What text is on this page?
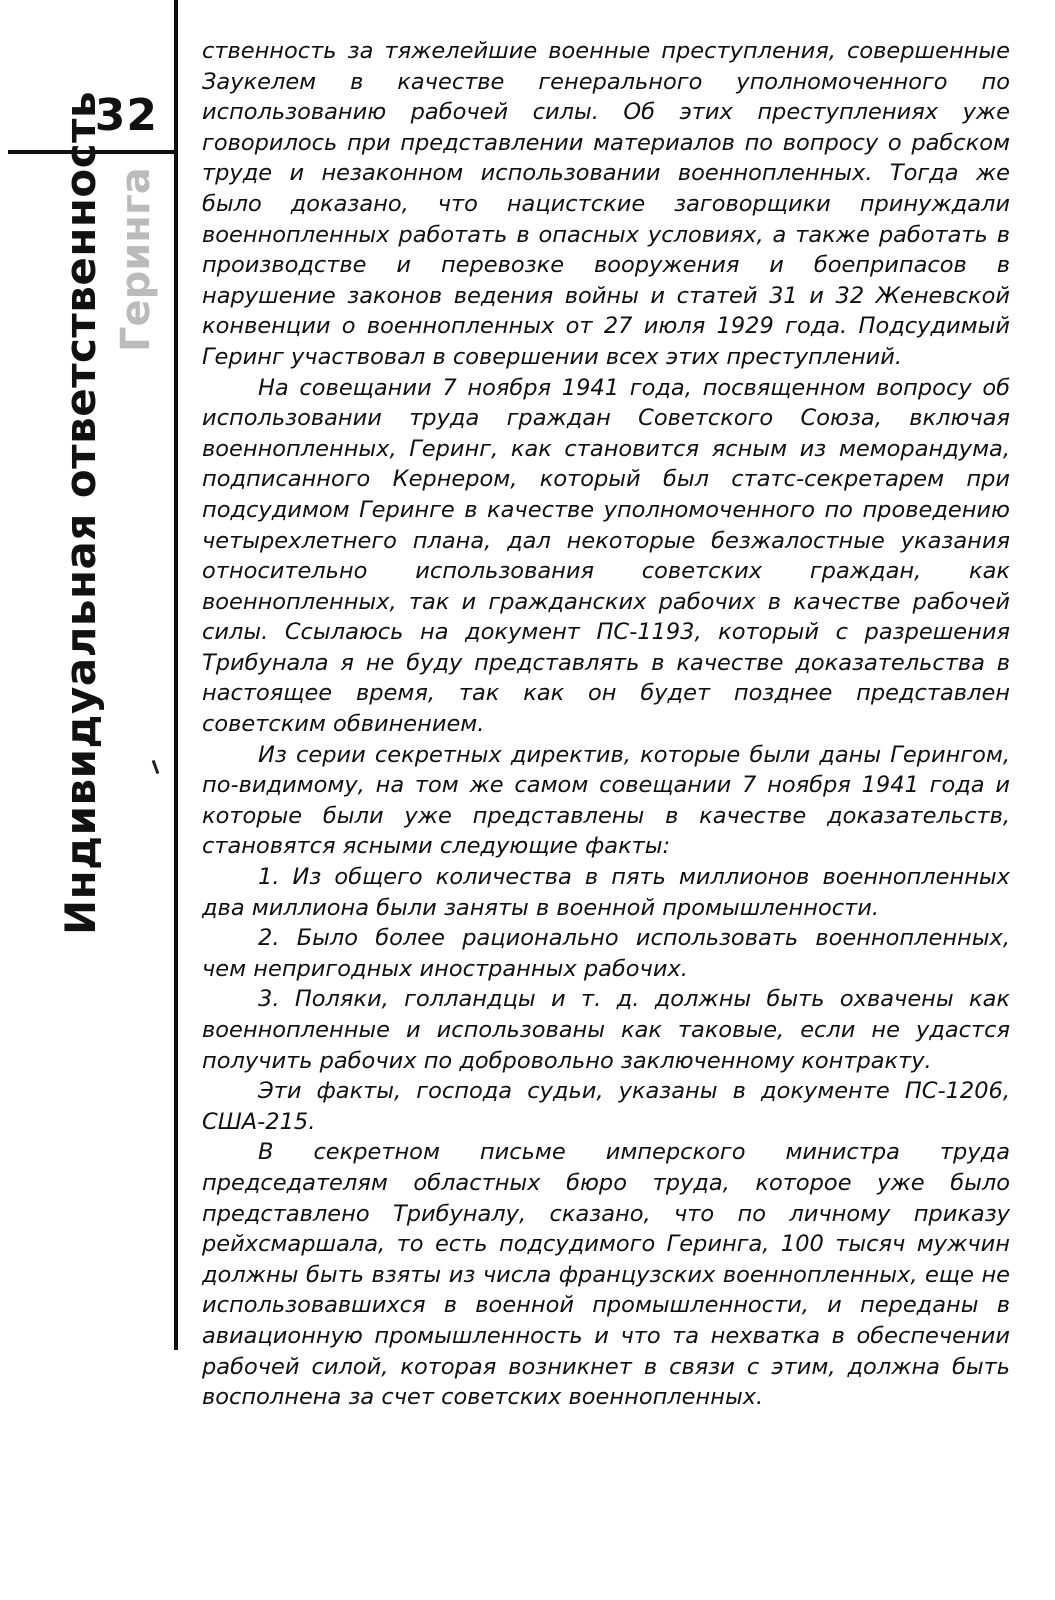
32
Индивидуальная ответственность Геринга

ственность за тяжелейшие военные преступления, совершенные Заукелем в качестве генерального уполномоченного по использованию рабочей силы. Об этих преступлениях уже говорилось при представлении материалов по вопросу о рабском труде и незаконном использовании военнопленных. Тогда же было доказано, что нацистские заговорщики принуждали военнопленных работать в опасных условиях, а также работать в производстве и перевозке вооружения и боеприпасов в нарушение законов ведения войны и статей 31 и 32 Женевской конвенции о военнопленных от 27 июля 1929 года. Подсудимый Геринг участвовал в совершении всех этих преступлений.

На совещании 7 ноября 1941 года, посвященном вопросу об использовании труда граждан Советского Союза, включая военнопленных, Геринг, как становится ясным из меморандума, подписанного Кернером, который был статс-секретарем при подсудимом Геринге в качестве уполномоченного по проведению четырехлетнего плана, дал некоторые безжалостные указания относительно использования советских граждан, как военнопленных, так и гражданских рабочих в качестве рабочей силы. Ссылаюсь на документ ПС-1193, который с разрешения Трибунала я не буду представлять в качестве доказательства в настоящее время, так как он будет позднее представлен советским обвинением.

Из серии секретных директив, которые были даны Герингом, по-видимому, на том же самом совещании 7 ноября 1941 года и которые были уже представлены в качестве доказательств, становятся ясными следующие факты:

1. Из общего количества в пять миллионов военнопленных два миллиона были заняты в военной промышленности.

2. Было более рационально использовать военнопленных, чем непригодных иностранных рабочих.

3. Поляки, голландцы и т. д. должны быть охвачены как военнопленные и использованы как таковые, если не удастся получить рабочих по добровольно заключенному контракту.

Эти факты, господа судьи, указаны в документе ПС-1206, США-215.

В секретном письме имперского министра труда председателям областных бюро труда, которое уже было представлено Трибуналу, сказано, что по личному приказу рейхсмаршала, то есть подсудимого Геринга, 100 тысяч мужчин должны быть взяты из числа французских военнопленных, еще не использовавшихся в военной промышленности, и переданы в авиационную промышленность и что та нехватка в обеспечении рабочей силой, которая возникнет в связи с этим, должна быть восполнена за счет советских военнопленных.
